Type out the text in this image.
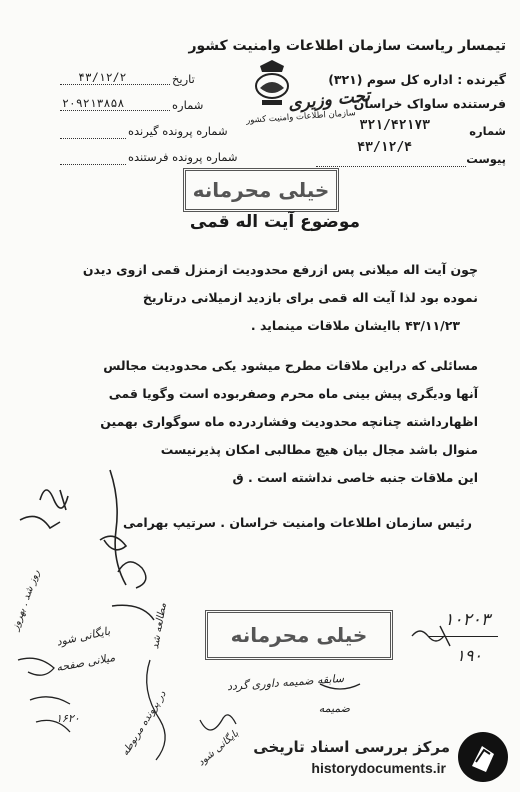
تیمسار ریاست سازمان اطلاعات وامنیت کشور
تاریخ
۴۳/۱۲/۲
شماره
۲۰۹۲۱۳۸۵۸
شماره پرونده گیرنده
شماره پرونده فرستنده
سازمان اطلاعات وامنیت کشور
گیرنده : اداره کل سوم (۳۲۱)
فرستنده ساواک خراسان
تحت وزیری
شماره
۳۲۱/۴۲۱۷۳
۴۳/۱۲/۴
پیوست
خیلی محرمانه
موضوع آیت اله قمی
چون آیت اله میلانی پس ازرفع محدودیت ازمنزل قمی ازوی دیدن
نموده بود لذا آیت اله قمی برای بازدید ازمیلانی درتاریخ
۴۳/۱۱/۲۳ باایشان ملاقات مینماید .
مسائلی که دراین ملاقات مطرح میشود یکی محدودیت مجالس
آنها ودیگری پیش بینی ماه محرم وصفربوده است وگویا قمی
اظهارداشته چنانچه محدودیت وفشاردرده ماه سوگواری بهمین
منوال باشد مجال بیان هیچ مطالبی امکان پذیرنیست
این ملاقات جنبه خاصی نداشته است . ق
رئیس سازمان اطلاعات وامنیت خراسان . سرتیپ بهرامی
خیلی محرمانه
۱۰۲۰۳
۱۹۰
سابقه ضمیمه داوری گردد
ضمیمه
روز شد . بهروز
بایگانی شود
میلانی صفحه
۱۶۲۰
مطالعه شد
در پرونده مربوطه	بایگانی شود مرکز بررسی اسناد تاریخی
historydocuments.ir
